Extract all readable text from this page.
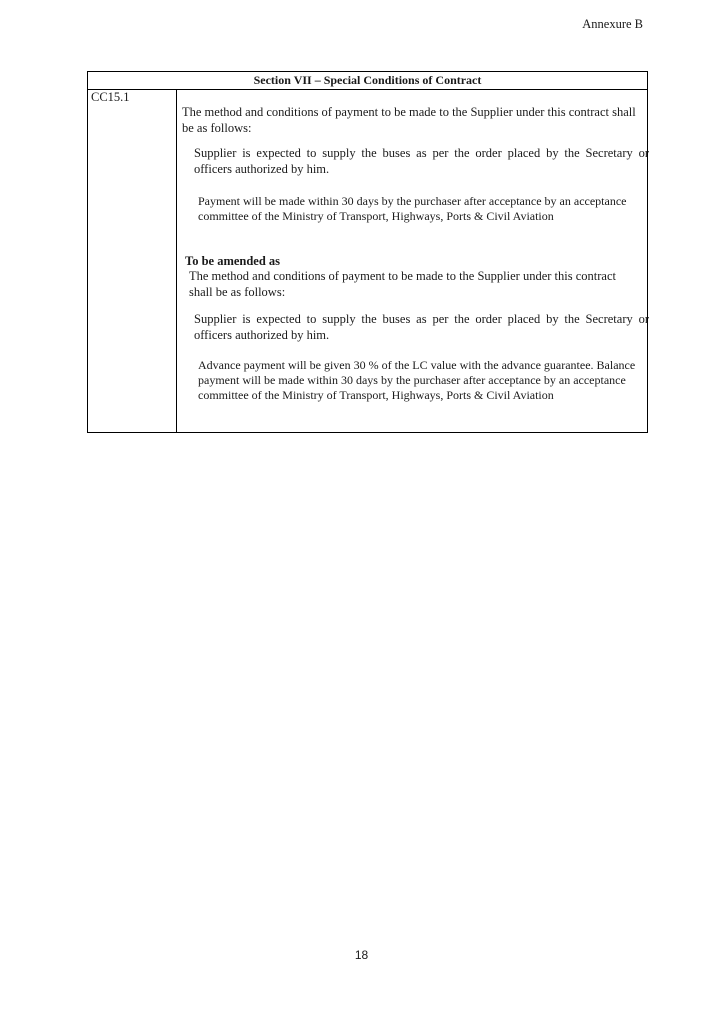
Annexure B
Section VII – Special Conditions of Contract
CC15.1

The method and conditions of payment to be made to the Supplier under this contract shall be as follows:

Supplier is expected to supply the buses as per the order placed by the Secretary or officers authorized by him.

Payment will be made within 30 days by the purchaser after acceptance by an acceptance committee of the Ministry of Transport, Highways, Ports & Civil Aviation

To be amended as

The method and conditions of payment to be made to the Supplier under this contract shall be as follows:

Supplier is expected to supply the buses as per the order placed by the Secretary or officers authorized by him.

Advance payment will be given 30 % of the LC value with the advance guarantee. Balance payment will be made within 30 days by the purchaser after acceptance by an acceptance committee of the Ministry of Transport, Highways, Ports & Civil Aviation

18
